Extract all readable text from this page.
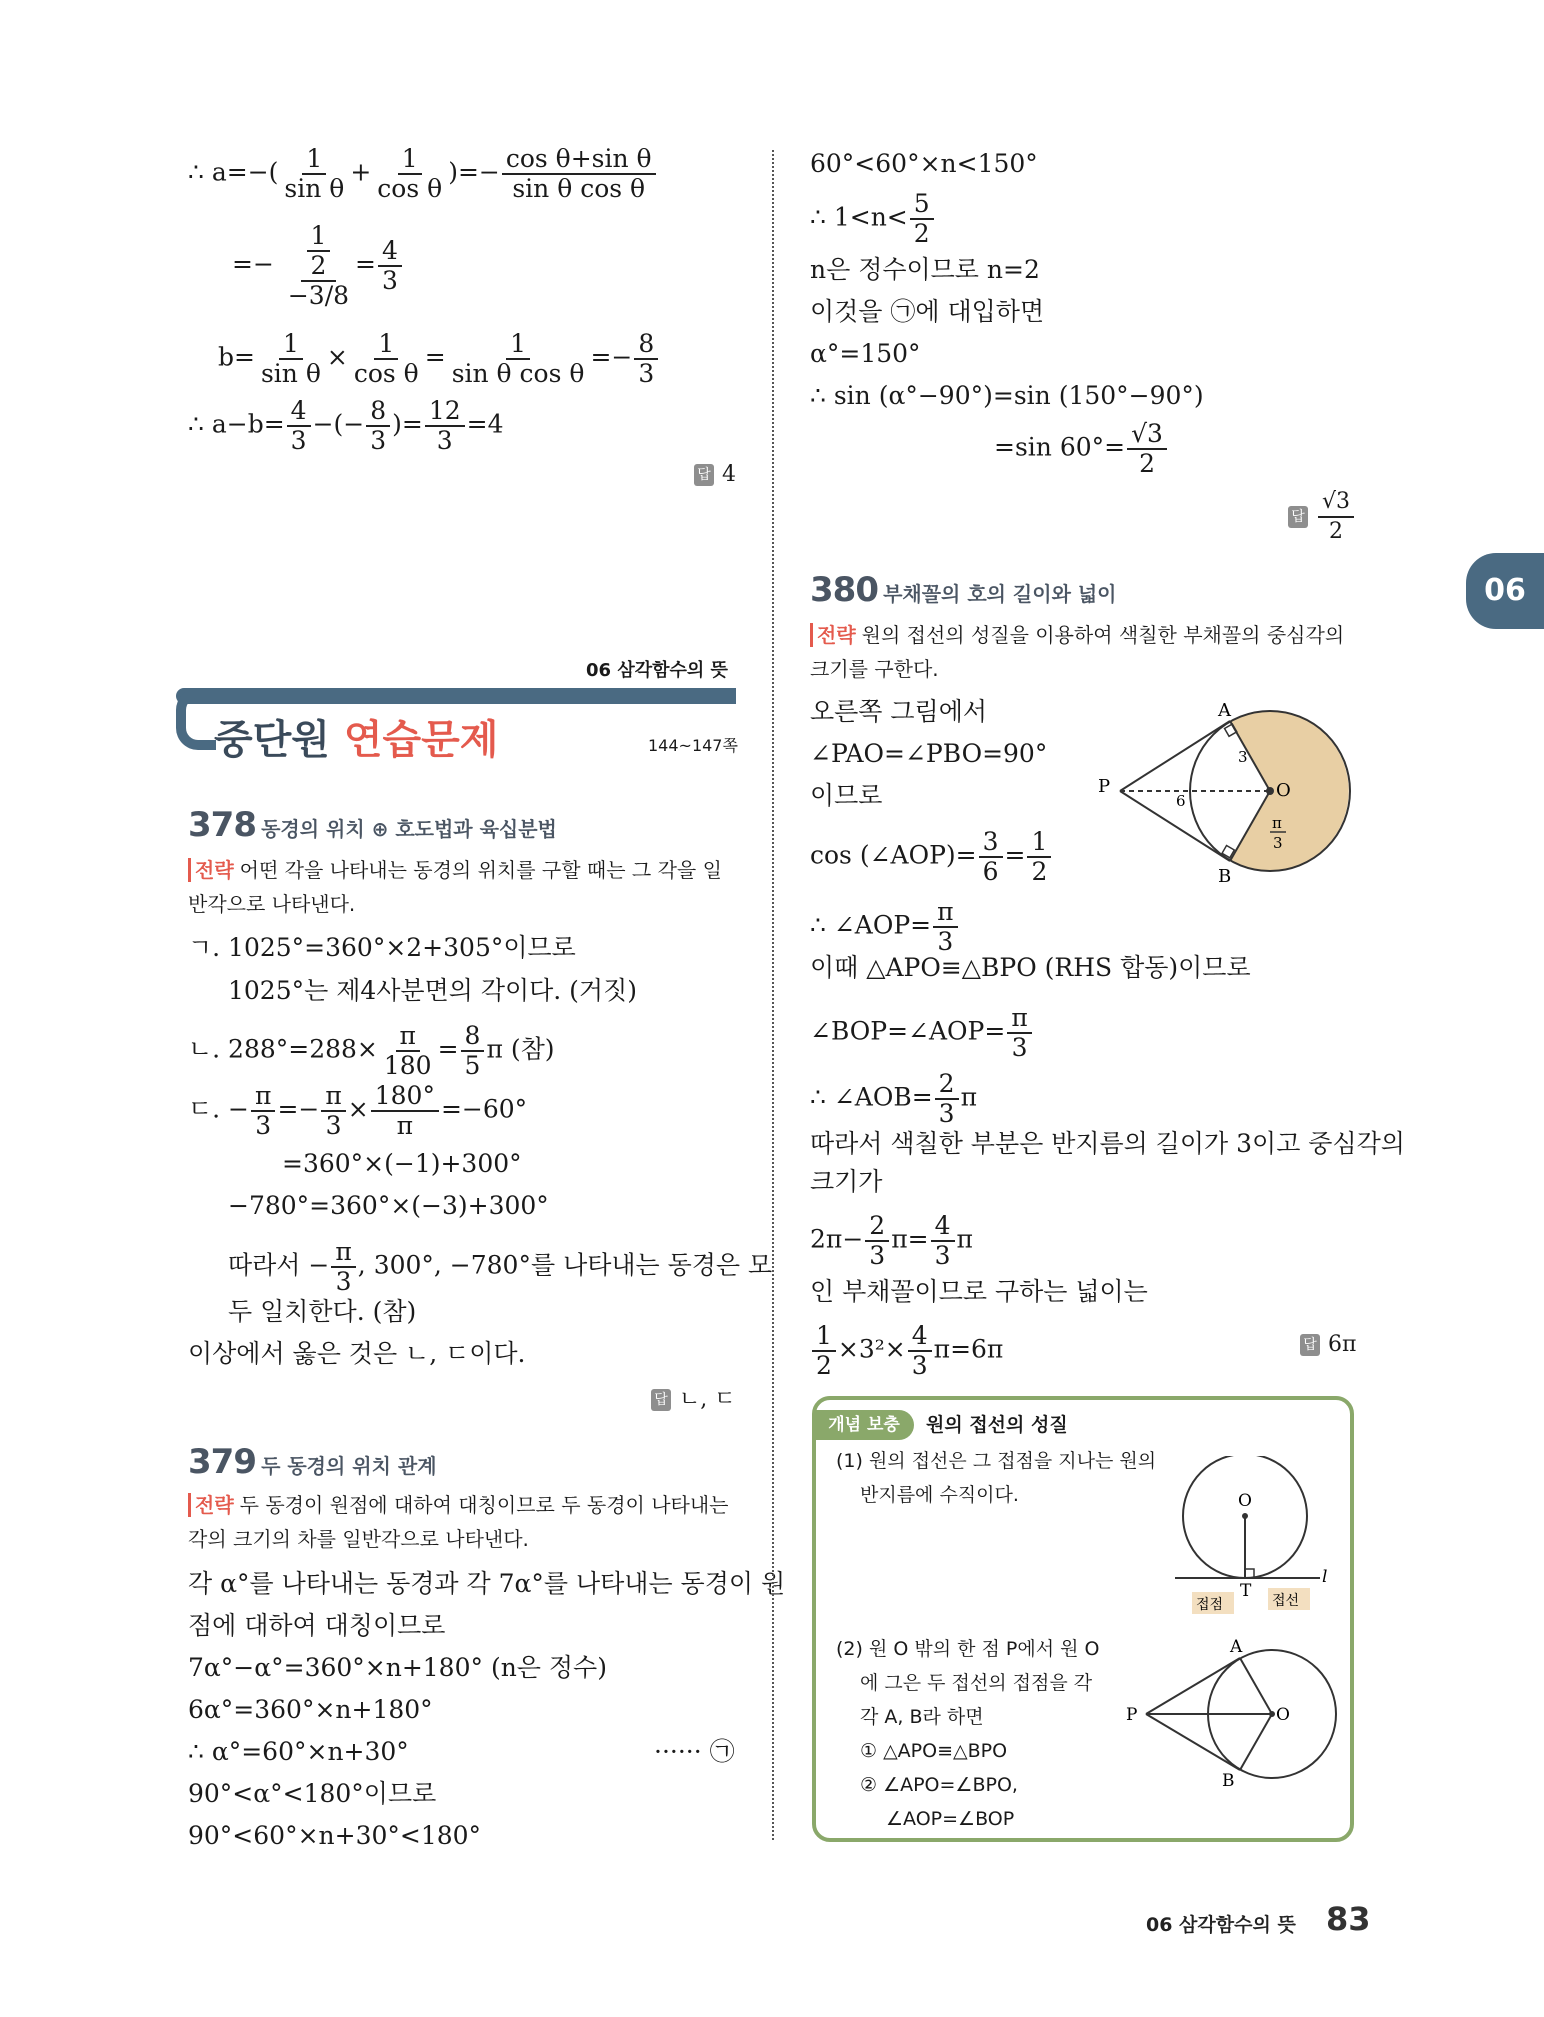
∴ $a=-( \frac{1}{\text{sin θ}} + \frac{1}{\text{cos θ}}$ )=− $\frac{\text{cos θ+sin θ}}{\text{sin θ cos θ}}$
=− $\frac{\frac{1}{2}}{-3/8} = \frac{4}{3}$
$b= \frac{1}{\text{sin θ}} \times \frac{1}{\text{cos θ}} = \frac{1}{\text{sin θ cos θ}} =- \frac{8}{3}$
∴ $a-b= \frac{4}{3}$ −(− $\frac{8}{3}$ )= $\frac{12}{3} =4$
답 4
06 삼각함수의 뜻
중단원 연습문제	144~147쪽
378 동경의 위치 ⊕ 호도법과 육십분법
전략 어떤 각을 나타내는 동경의 위치를 구할 때는 그 각을 일
반각으로 나타낸다.
ㄱ. 1025°=360°×2+305°이므로
1025°는 제4사분면의 각이다. (거짓)
ㄴ. $288^\circ=288\times \frac{\pi}{180} = \frac{8}{5}$ π (참)
ㄷ. − $\frac{\pi}{3} =- \frac{\pi}{3} \times \frac{180^\circ}{\pi} =-60^\circ$
=360°×(−1)+300°
−780°=360°×(−3)+300°
따라서 − $\frac{\pi}{3}$ , 300°, −780°를 나타내는 동경은 모
두 일치한다. (참)
이상에서 옳은 것은 ㄴ, ㄷ이다.
답 ㄴ, ㄷ
379 두 동경의 위치 관계
전략 두 동경이 원점에 대하여 대칭이므로 두 동경이 나타내는
각의 크기의 차를 일반각으로 나타낸다.
각 α°를 나타내는 동경과 각 7α°를 나타내는 동경이 원
점에 대하여 대칭이므로
7α°−α°=360°×n+180° (n은 정수)
6α°=360°×n+180°
∴ α°=60°×n+30°	······ ㉠
90°<α°<180°이므로
90°<60°×n+30°<180°
60°<60°×n<150°
∴ $1<n< \frac{5}{2}$
n은 정수이므로 n=2
이것을 ㉠에 대입하면
α°=150°
∴ sin (α°−90°)=sin (150°−90°)
=sin $60^\circ= \frac{√3}{2}$
답 $\frac{√3}{2}$
380 부채꼴의 호의 길이와 넓이
전략 원의 접선의 성질을 이용하여 색칠한 부채꼴의 중심각의
크기를 구한다.
오른쪽 그림에서
∠PAO=∠PBO=90°
이므로
cos (∠AOP)= $\frac{3}{6} = \frac{1}{2}$
∴ ∠AOP= $\frac{\pi}{3}$
이때 △APO≡△BPO (RHS 합동)이므로
∠BOP=∠AOP= $\frac{\pi}{3}$
∴ ∠AOB= $\frac{2}{3}$ π
따라서 색칠한 부분은 반지름의 길이가 3이고 중심각의
크기가
$2\pi- \frac{2}{3} \pi= \frac{4}{3}$ π
인 부채꼴이므로 구하는 넓이는
$\frac{1}{2} \times 3^2\times \frac{4}{3} \pi=6\pi$	답 6π
A
B
P	O
3
6
π
3
개념 보충	원의 접선의 성질
(1) 원의 접선은 그 접점을 지나는 원의
반지름에 수직이다.
(2) 원 O 밖의 한 점 P에서 원 O
에 그은 두 접선의 접점을 각
각 A, B라 하면
① △APO≡△BPO
② ∠APO=∠BPO,
∠AOP=∠BOP
O
T
l
접점	접선
A
B
P	O
06
06 삼각함수의 뜻 83
